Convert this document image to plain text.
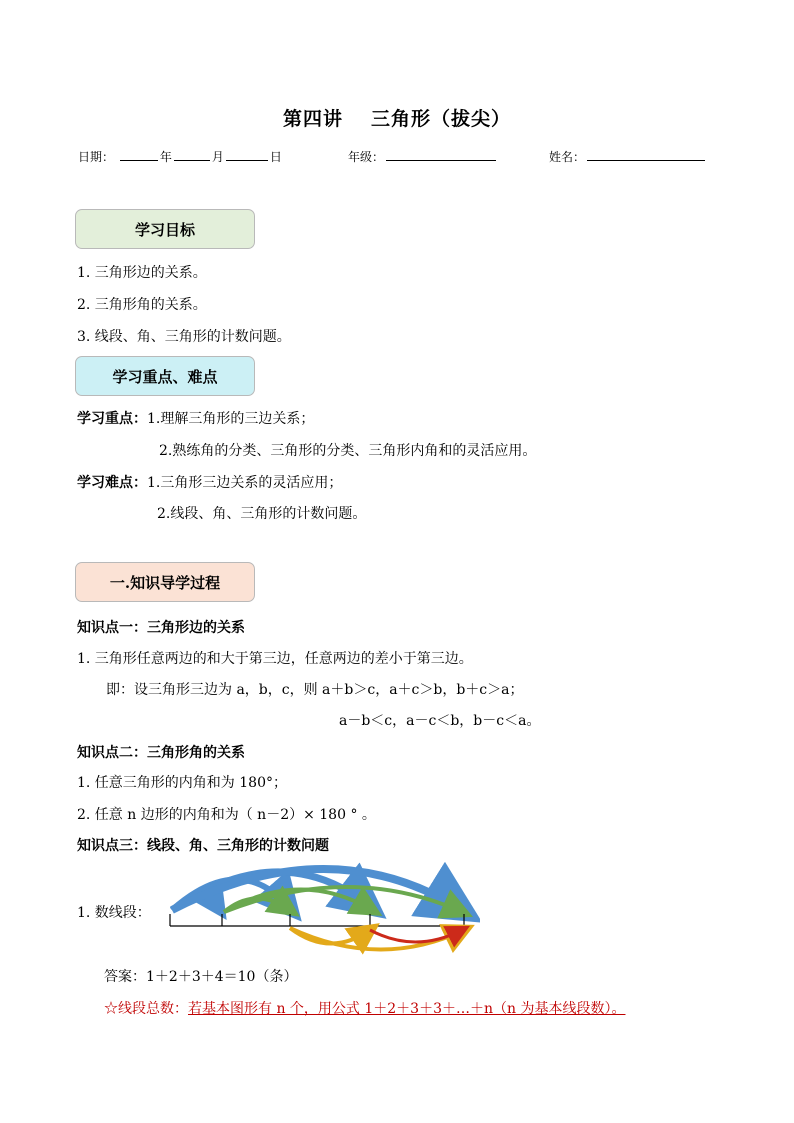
第四讲 三角形（拔尖）
日期：	年	月	日	年级：	姓名：
学习目标
1. 三角形边的关系。
2. 三角形角的关系。
3. 线段、角、三角形的计数问题。
学习重点、难点
学习重点：1.理解三角形的三边关系；
2.熟练角的分类、三角形的分类、三角形内角和的灵活应用。
学习难点：1.三角形三边关系的灵活应用；
2.线段、角、三角形的计数问题。
一.知识导学过程
知识点一：三角形边的关系
1. 三角形任意两边的和大于第三边，任意两边的差小于第三边。
即：设三角形三边为 a，b，c，则 a＋b＞c，a＋c＞b，b＋c＞a；
a－b＜c，a－c＜b，b－c＜a。
知识点二：三角形角的关系
1. 任意三角形的内角和为 180°；
2. 任意 n 边形的内角和为（ n－2）× 180 ° 。
知识点三：线段、角、三角形的计数问题
1. 数线段：
答案：1＋2＋3＋4＝10（条）
☆线段总数：若基本图形有 n 个，用公式 1＋2＋3＋3＋…＋n（n 为基本线段数）。
